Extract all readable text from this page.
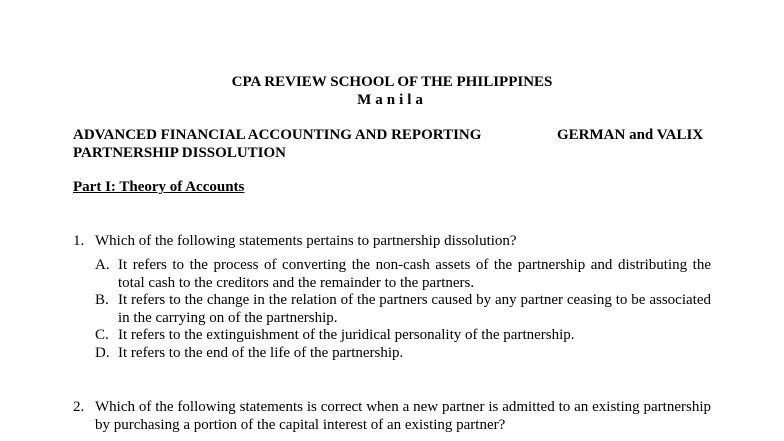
CPA REVIEW SCHOOL OF THE PHILIPPINES
Manila
ADVANCED FINANCIAL ACCOUNTING AND REPORTING	GERMAN and VALIX
PARTNERSHIP DISSOLUTION
Part I: Theory of Accounts
1. Which of the following statements pertains to partnership dissolution?
A. It refers to the process of converting the non-cash assets of the partnership and distributing the total cash to the creditors and the remainder to the partners.
B. It refers to the change in the relation of the partners caused by any partner ceasing to be associated in the carrying on of the partnership.
C. It refers to the extinguishment of the juridical personality of the partnership.
D. It refers to the end of the life of the partnership.
2. Which of the following statements is correct when a new partner is admitted to an existing partnership by purchasing a portion of the capital interest of an existing partner?
